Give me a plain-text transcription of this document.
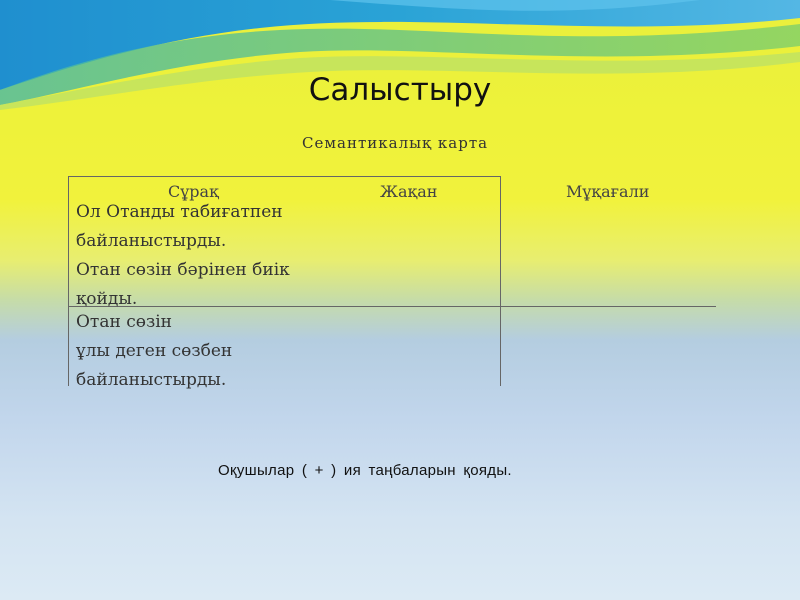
Салыстыру
Семантикалық карта
Сұрақ	Жақан	Мұқағали
Ол Отанды табиғатпен
байланыстырды.
Отан сөзін бәрінен биік
қойды.
Отан сөзін
ұлы деген сөзбен
байланыстырды.
Оқушылар ( + ) ия таңбаларын қояды.
